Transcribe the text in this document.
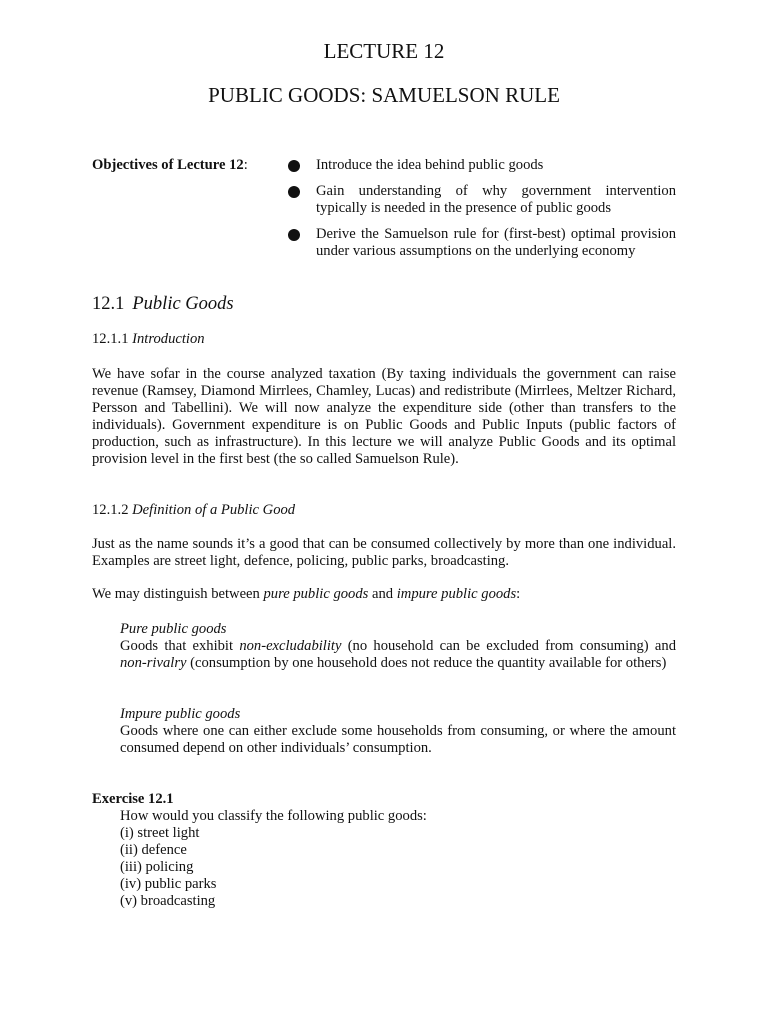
LECTURE 12
PUBLIC GOODS: SAMUELSON RULE
Objectives of Lecture 12:	Introduce the idea behind public goods
Gain understanding of why government intervention typically is needed in the presence of public goods
Derive the Samuelson rule for (first-best) optimal provision under various assumptions on the underlying economy
12.1 Public Goods
12.1.1 Introduction
We have sofar in the course analyzed taxation (By taxing individuals the government can raise revenue (Ramsey, Diamond Mirrlees, Chamley, Lucas) and redistribute (Mirrlees, Meltzer Richard, Persson and Tabellini). We will now analyze the expenditure side (other than transfers to the individuals). Government expenditure is on Public Goods and Public Inputs (public factors of production, such as infrastructure). In this lecture we will analyze Public Goods and its optimal provision level in the first best (the so called Samuelson Rule).
12.1.2 Definition of a Public Good
Just as the name sounds it’s a good that can be consumed collectively by more than one individual. Examples are street light, defence, policing, public parks, broadcasting.
We may distinguish between pure public goods and impure public goods:
Pure public goods
Goods that exhibit non-excludability (no household can be excluded from consuming) and non-rivalry (consumption by one household does not reduce the quantity available for others)
Impure public goods
Goods where one can either exclude some households from consuming, or where the amount consumed depend on other individuals’ consumption.
Exercise 12.1
How would you classify the following public goods:
(i) street light
(ii) defence
(iii) policing
(iv) public parks
(v) broadcasting
